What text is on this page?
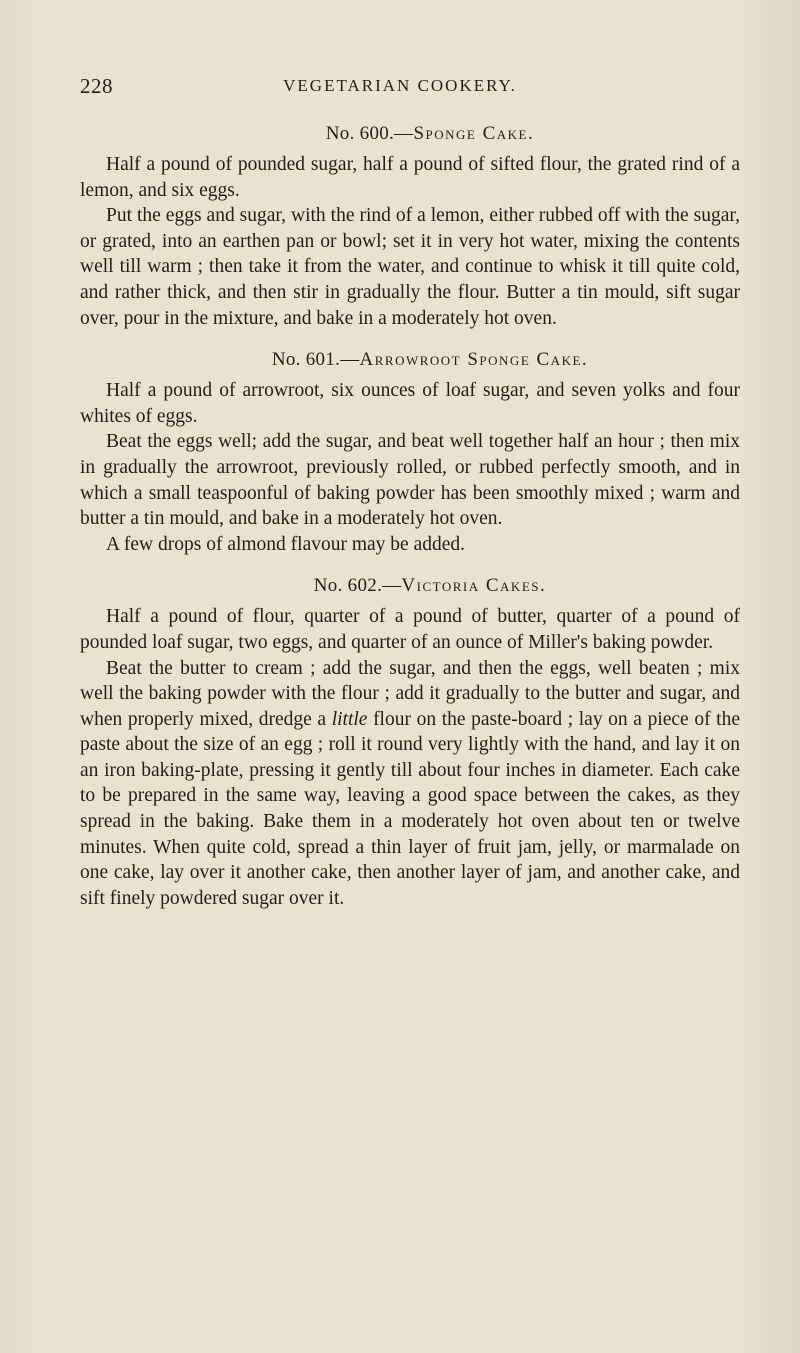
228	VEGETARIAN COOKERY.
No. 600.—Sponge Cake.

Half a pound of pounded sugar, half a pound of sifted flour, the grated rind of a lemon, and six eggs.

Put the eggs and sugar, with the rind of a lemon, either rubbed off with the sugar, or grated, into an earthen pan or bowl; set it in very hot water, mixing the contents well till warm ; then take it from the water, and continue to whisk it till quite cold, and rather thick, and then stir in gradually the flour. Butter a tin mould, sift sugar over, pour in the mixture, and bake in a moderately hot oven.

No. 601.—Arrowroot Sponge Cake.

Half a pound of arrowroot, six ounces of loaf sugar, and seven yolks and four whites of eggs.

Beat the eggs well; add the sugar, and beat well together half an hour ; then mix in gradually the arrowroot, previously rolled, or rubbed perfectly smooth, and in which a small teaspoonful of baking powder has been smoothly mixed ; warm and butter a tin mould, and bake in a moderately hot oven.

A few drops of almond flavour may be added.

No. 602.—Victoria Cakes.

Half a pound of flour, quarter of a pound of butter, quarter of a pound of pounded loaf sugar, two eggs, and quarter of an ounce of Miller's baking powder.

Beat the butter to cream ; add the sugar, and then the eggs, well beaten ; mix well the baking powder with the flour ; add it gradually to the butter and sugar, and when properly mixed, dredge a little flour on the paste-board ; lay on a piece of the paste about the size of an egg ; roll it round very lightly with the hand, and lay it on an iron baking-plate, pressing it gently till about four inches in diameter. Each cake to be prepared in the same way, leaving a good space between the cakes, as they spread in the baking. Bake them in a moderately hot oven about ten or twelve minutes. When quite cold, spread a thin layer of fruit jam, jelly, or marmalade on one cake, lay over it another cake, then another layer of jam, and another cake, and sift finely powdered sugar over it.
